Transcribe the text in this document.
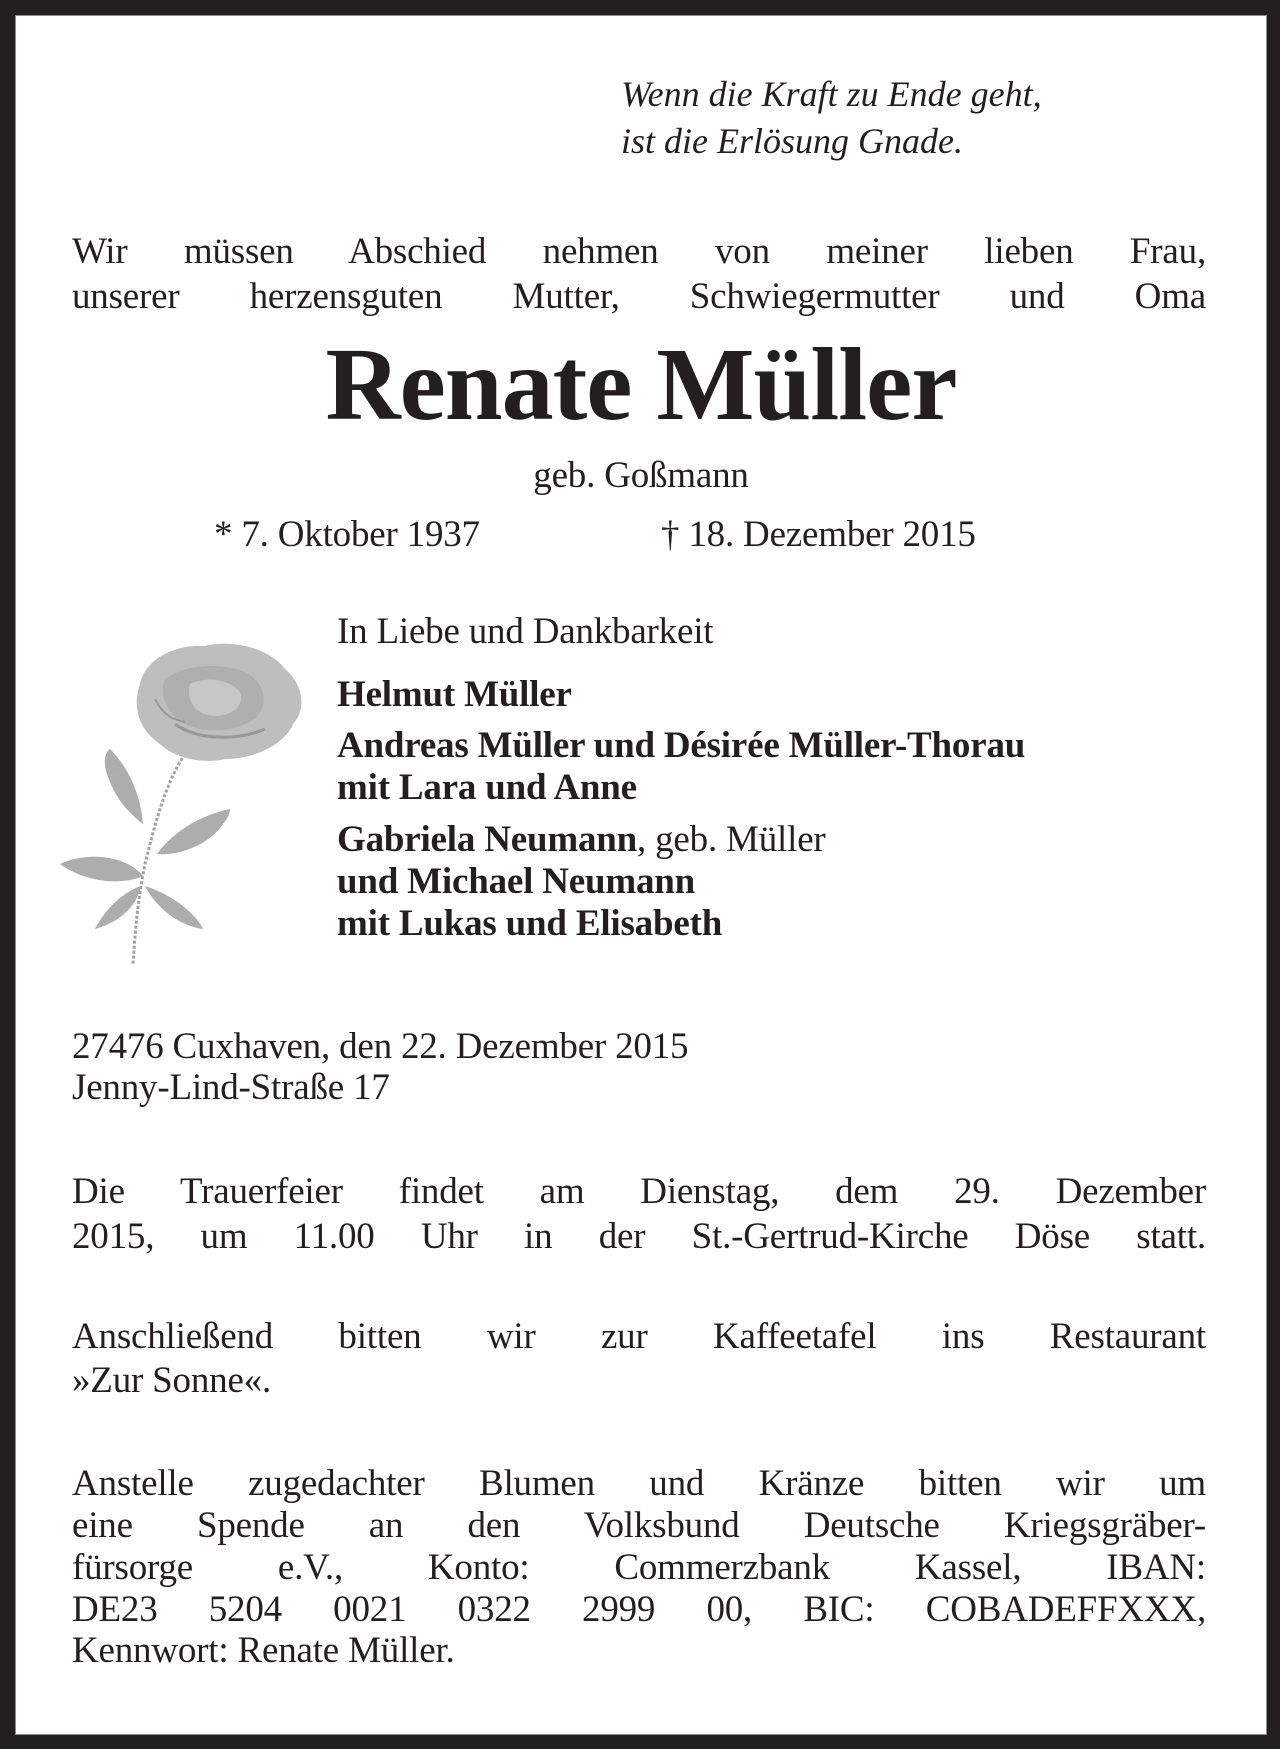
Wenn die Kraft zu Ende geht,
ist die Erlösung Gnade.
Wir müssen Abschied nehmen von meiner lieben Frau,
unserer herzensguten Mutter, Schwiegermutter und Oma
Renate Müller
geb. Goßmann
* 7. Oktober 1937	† 18. Dezember 2015
In Liebe und Dankbarkeit
Helmut Müller
Andreas Müller und Désirée Müller-Thorau
mit Lara und Anne
Gabriela Neumann, geb. Müller
und Michael Neumann
mit Lukas und Elisabeth
27476 Cuxhaven, den 22. Dezember 2015
Jenny-Lind-Straße 17
Die Trauerfeier findet am Dienstag, dem 29. Dezember
2015, um 11.00 Uhr in der St.-Gertrud-Kirche Döse statt.
Anschließend bitten wir zur Kaffeetafel ins Restaurant
»Zur Sonne«.
Anstelle zugedachter Blumen und Kränze bitten wir um
eine Spende an den Volksbund Deutsche Kriegsgräber-
fürsorge e.V., Konto: Commerzbank Kassel, IBAN:
DE23 5204 0021 0322 2999 00, BIC: COBADEFFXXX,
Kennwort: Renate Müller.
